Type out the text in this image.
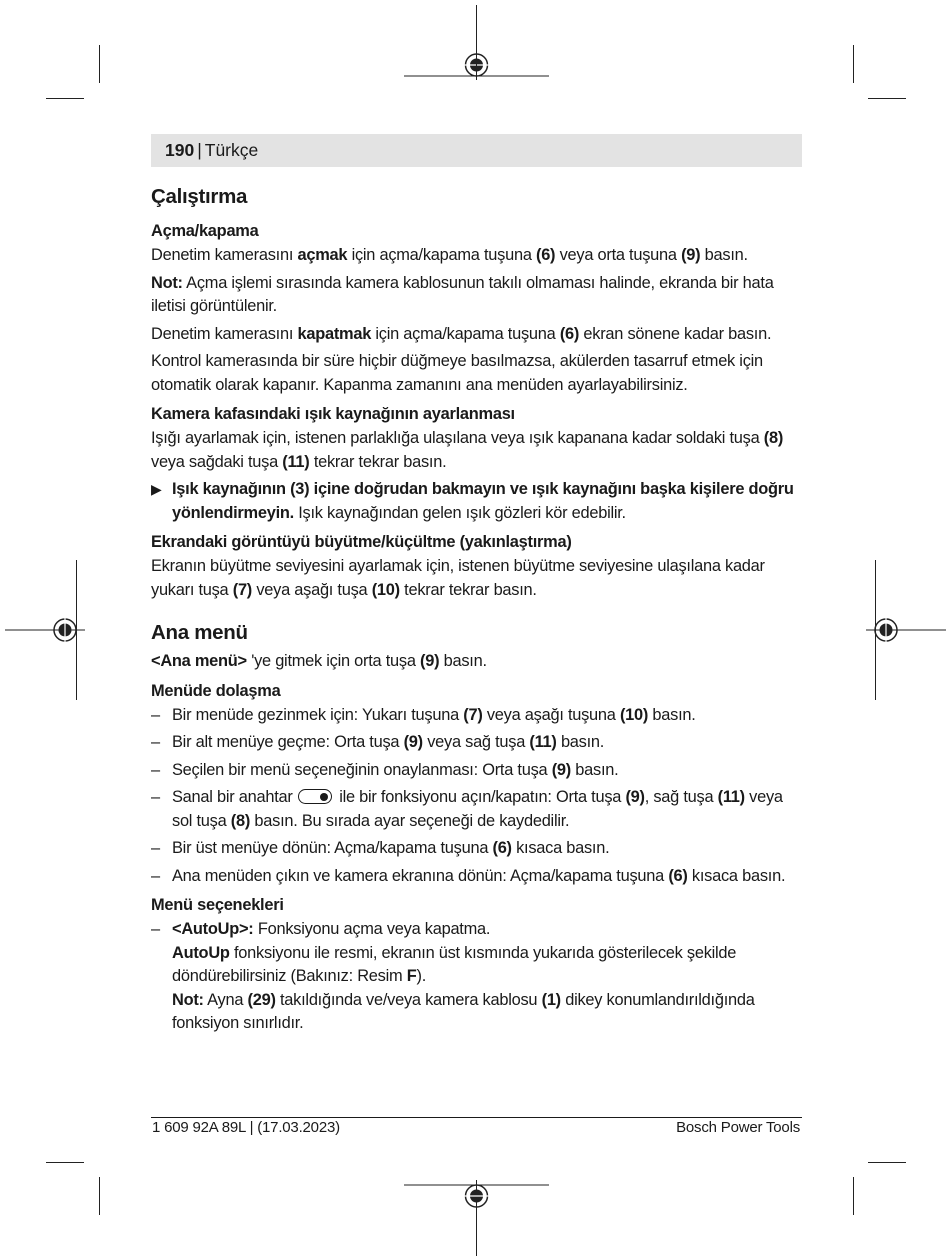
190 | Türkçe
Çalıştırma
Açma/kapama

Denetim kamerasını açmak için açma/kapama tuşuna (6) veya orta tuşuna (9) basın.

Not: Açma işlemi sırasında kamera kablosunun takılı olmaması halinde, ekranda bir hata iletisi görüntülenir.

Denetim kamerasını kapatmak için açma/kapama tuşuna (6) ekran sönene kadar basın.

Kontrol kamerasında bir süre hiçbir düğmeye basılmazsa, akülerden tasarruf etmek için otomatik olarak kapanır. Kapanma zamanını ana menüden ayarlayabilirsiniz.

Kamera kafasındaki ışık kaynağının ayarlanması

Işığı ayarlamak için, istenen parlaklığa ulaşılana veya ışık kapanana kadar soldaki tuşa (8) veya sağdaki tuşa (11) tekrar tekrar basın.

▶ Işık kaynağının (3) içine doğrudan bakmayın ve ışık kaynağını başka kişilere doğru yönlendirmeyin. Işık kaynağından gelen ışık gözleri kör edebilir.
Ekrandaki görüntüyü büyütme/küçültme (yakınlaştırma)

Ekranın büyütme seviyesini ayarlamak için, istenen büyütme seviyesine ulaşılana kadar yukarı tuşa (7) veya aşağı tuşa (10) tekrar tekrar basın.

Ana menü

<Ana menü> 'ye gitmek için orta tuşa (9) basın.

Menüde dolaşma
– Bir menüde gezinmek için: Yukarı tuşuna (7) veya aşağı tuşuna (10) basın.
– Bir alt menüye geçme: Orta tuşa (9) veya sağ tuşa (11) basın.
– Seçilen bir menü seçeneğinin onaylanması: Orta tuşa (9) basın.
– Sanal bir anahtar  ile bir fonksiyonu açın/kapatın: Orta tuşa (9), sağ tuşa (11) veya sol tuşa (8) basın. Bu sırada ayar seçeneği de kaydedilir.
– Bir üst menüye dönün: Açma/kapama tuşuna (6) kısaca basın.
– Ana menüden çıkın ve kamera ekranına dönün: Açma/kapama tuşuna (6) kısaca basın.
Menü seçenekleri
– <AutoUp>: Fonksiyonu açma veya kapatma.
AutoUp fonksiyonu ile resmi, ekranın üst kısmında yukarıda gösterilecek şekilde döndürebilirsiniz (Bakınız: Resim F).
Not: Ayna (29) takıldığında ve/veya kamera kablosu (1) dikey konumlandırıldığında fonksiyon sınırlıdır.
1 609 92A 89L | (17.03.2023)	Bosch Power Tools
